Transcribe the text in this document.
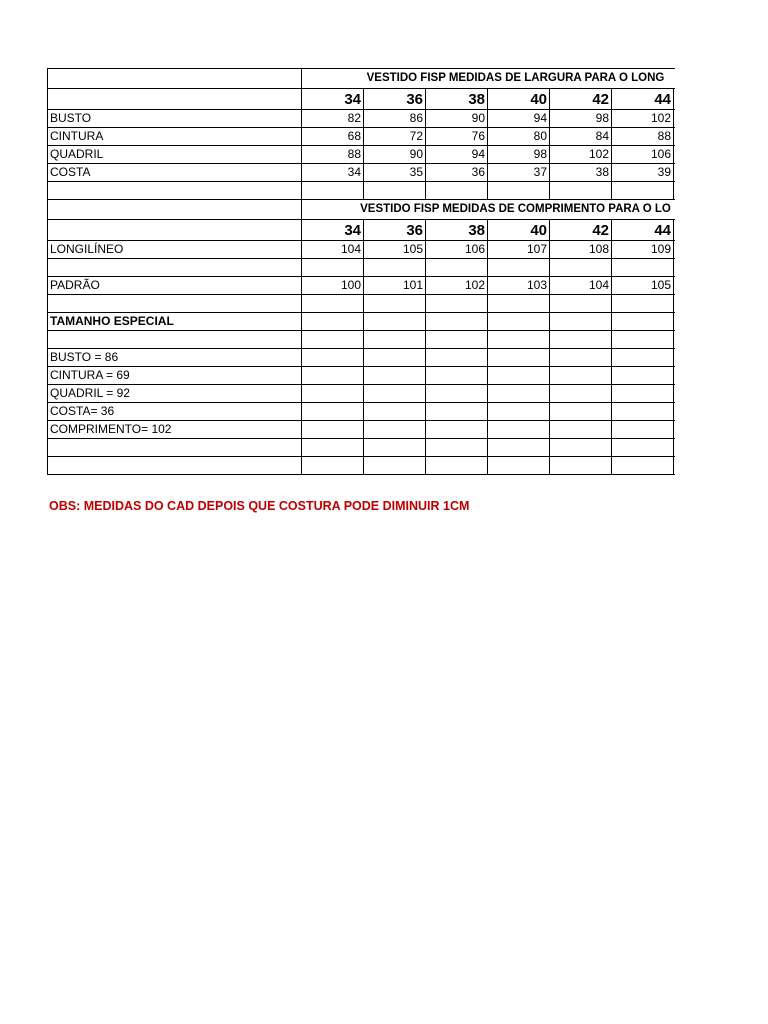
	VESTIDO FISP MEDIDAS DE LARGURA PARA O LONG						
	34	36	38	40	42	44	
BUSTO	82	86	90	94	98	102	
CINTURA	68	72	76	80	84	88	
QUADRIL	88	90	94	98	102	106	
COSTA	34	35	36	37	38	39	

	VESTIDO FISP MEDIDAS DE COMPRIMENTO PARA O LO						
	34	36	38	40	42	44	
LONGILÍNEO	104	105	106	107	108	109	

PADRÃO	100	101	102	103	104	105	

TAMANHO ESPECIAL							

BUSTO = 86							
CINTURA = 69							
QUADRIL = 92							
COSTA= 36							
COMPRIMENTO= 102							

OBS: MEDIDAS DO CAD DEPOIS QUE COSTURA PODE DIMINUIR 1CM
